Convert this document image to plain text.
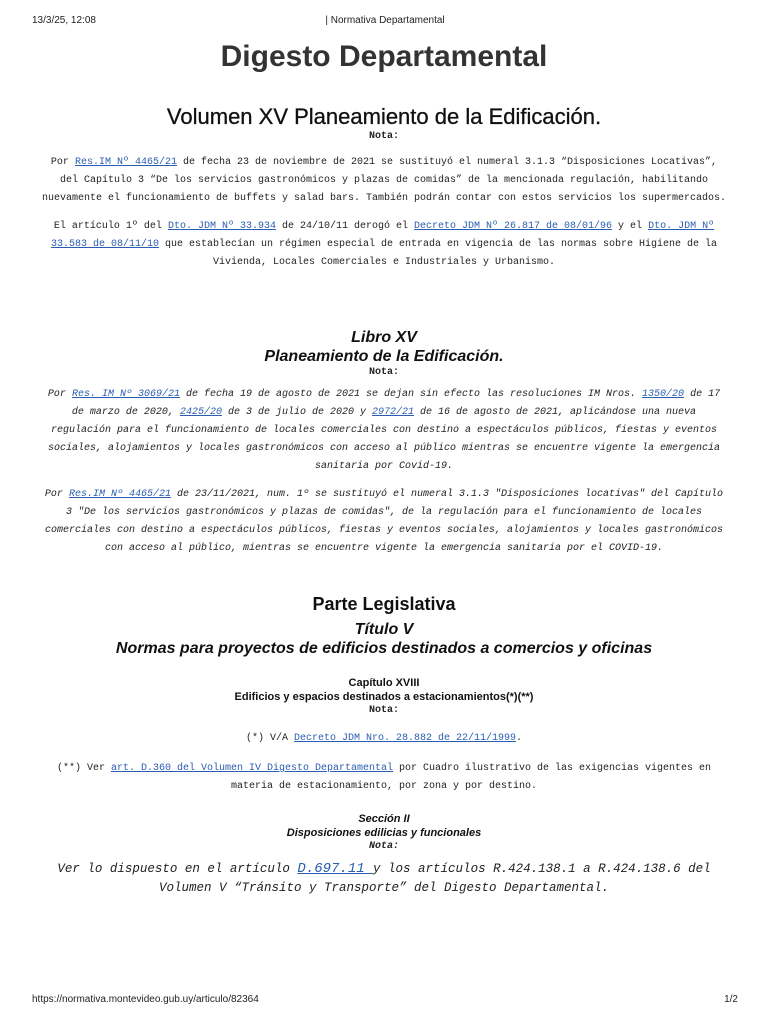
13/3/25, 12:08	| Normativa Departamental
Digesto Departamental
Volumen XV Planeamiento de la Edificación.
Nota:

Por Res.IM Nº 4465/21 de fecha 23 de noviembre de 2021 se sustituyó el numeral 3.1.3 “Disposiciones Locativas”, del Capítulo 3 “De los servicios gastronómicos y plazas de comidas” de la mencionada regulación, habilitando nuevamente el funcionamiento de buffets y salad bars. También podrán contar con estos servicios los supermercados.

El artículo 1º del Dto. JDM Nº 33.934 de 24/10/11 derogó el Decreto JDM Nº 26.817 de 08/01/96 y el Dto. JDM Nº 33.583 de 08/11/10 que establecían un régimen especial de entrada en vigencia de las normas sobre Higiene de la Vivienda, Locales Comerciales e Industriales y Urbanismo.

Libro XV
Planeamiento de la Edificación.
Nota:

Por Res. IM Nº 3069/21 de fecha 19 de agosto de 2021 se dejan sin efecto las resoluciones IM Nros. 1350/20 de 17 de marzo de 2020, 2425/20 de 3 de julio de 2020 y 2972/21 de 16 de agosto de 2021, aplicándose una nueva regulación para el funcionamiento de locales comerciales con destino a espectáculos públicos, fiestas y eventos sociales, alojamientos y locales gastronómicos con acceso al público mientras se encuentre vigente la emergencia sanitaria por Covid-19.

Por Res.IM Nº 4465/21 de 23/11/2021, num. 1º se sustituyó el numeral 3.1.3 "Disposiciones locativas" del Capítulo 3 "De los servicios gastronómicos y plazas de comidas", de la regulación para el funcionamiento de locales comerciales con destino a espectáculos públicos, fiestas y eventos sociales, alojamientos y locales gastronómicos con acceso al público, mientras se encuentre vigente la emergencia sanitaria por el COVID-19.

Parte Legislativa
Título V
Normas para proyectos de edificios destinados a comercios y oficinas
Capítulo XVIII
Edificios y espacios destinados a estacionamientos(*)(**)
Nota:

(*) V/A Decreto JDM Nro. 28.882 de 22/11/1999.

(**) Ver art. D.360 del Volumen IV Digesto Departamental por Cuadro ilustrativo de las exigencias vigentes en materia de estacionamiento, por zona y por destino.

Sección II
Disposiciones edilicias y funcionales
Nota:

Ver lo dispuesto en el artículo D.697.11 y los artículos R.424.138.1 a R.424.138.6 del Volumen V “Tránsito y Transporte” del Digesto Departamental.

https://normativa.montevideo.gub.uy/articulo/82364	1/2
